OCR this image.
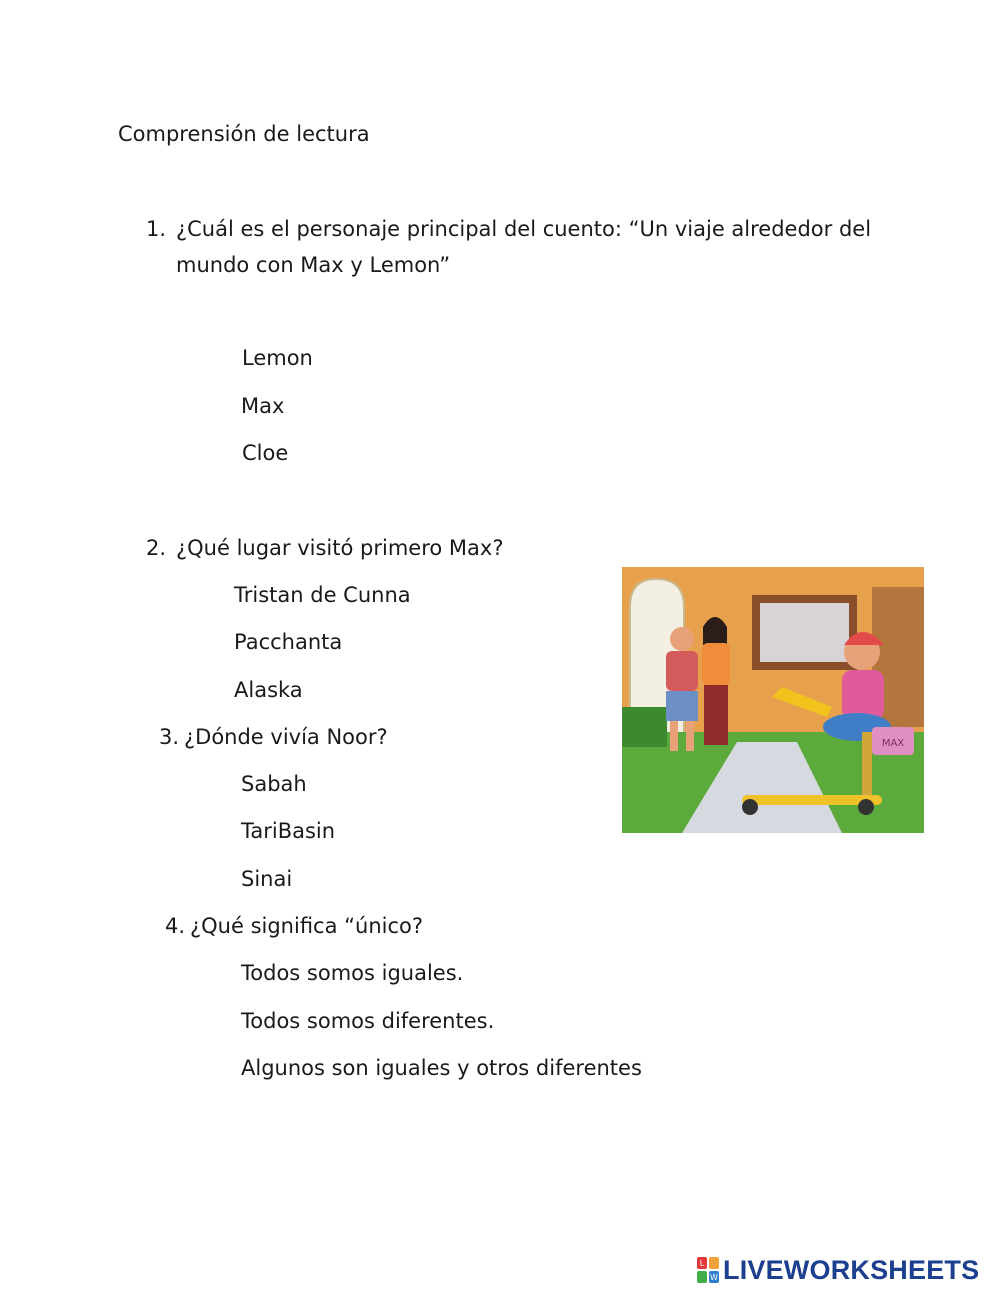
Comprensión de lectura
1. ¿Cuál es el personaje principal del cuento: “Un viaje alrededor del
mundo con Max y Lemon”
Lemon
Max
Cloe
2. ¿Qué lugar visitó primero Max?
Tristan de Cunna
Pacchanta
Alaska
3. ¿Dónde vivía Noor?
Sabah
TariBasin
Sinai
4. ¿Qué significa “único?
Todos somos iguales.
Todos somos diferentes.
Algunos son iguales y otros diferentes
MAX
L
W LIVEWORKSHEETS
